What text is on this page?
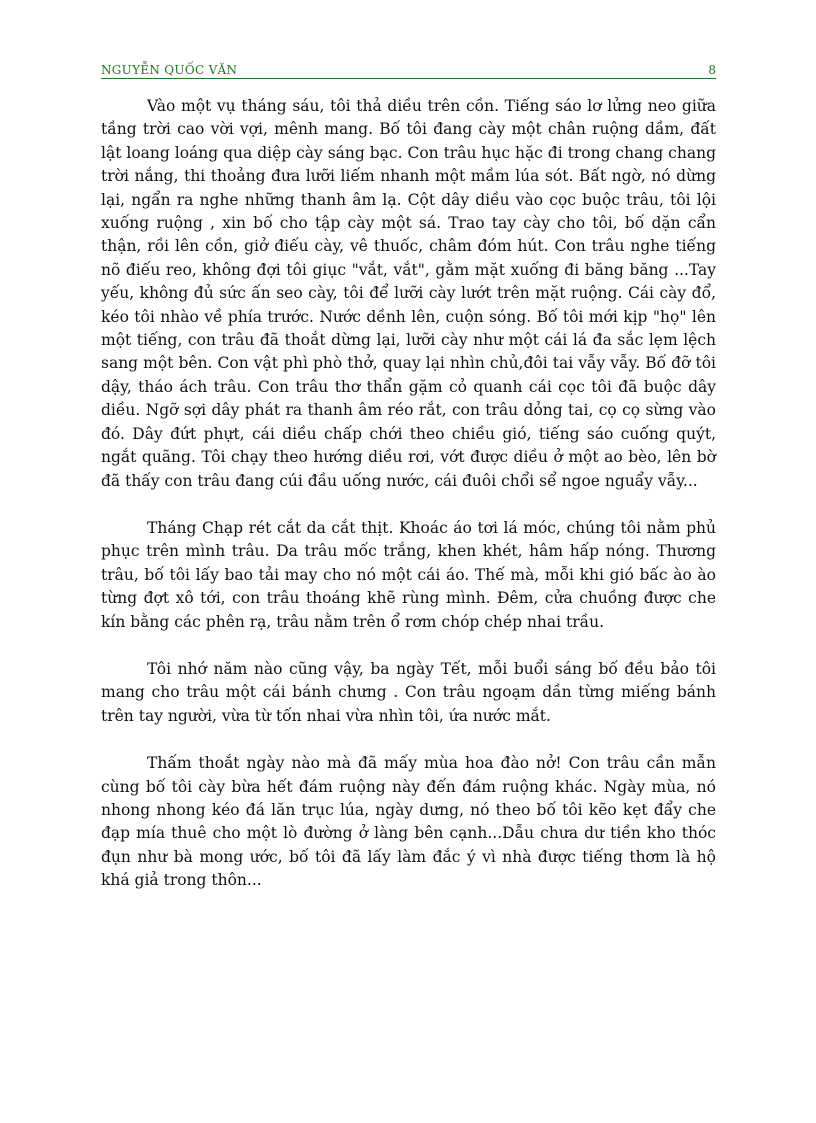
NGUYỄN QUỐC VĂN	8

Vào một vụ tháng sáu, tôi thả diều trên cồn. Tiếng sáo lơ lửng neo giữa tầng trời cao vời vợi, mênh mang. Bố tôi đang cày một chân ruộng dầm, đất lật loang loáng qua diệp cày sáng bạc. Con trâu hục hặc đi trong chang chang trời nắng, thi thoảng đưa lưỡi liếm nhanh một mầm lúa sót. Bất ngờ, nó dừng lại, ngẩn ra nghe những thanh âm lạ. Cột dây diều vào cọc buộc trâu, tôi lội xuống ruộng , xin bố cho tập cày một sá. Trao tay cày cho tôi, bố dặn cẩn thận, rồi lên cồn, giở điếu cày, vê thuốc, châm đóm hút. Con trâu nghe tiếng nõ điếu reo, không đợi tôi giục "vắt, vắt", gằm mặt xuống đi băng băng ...Tay yếu, không đủ sức ấn seo cày, tôi để lưỡi cày lướt trên mặt ruộng. Cái cày đổ, kéo tôi nhào về phía trước. Nước dềnh lên, cuộn sóng. Bố tôi mới kịp "họ" lên một tiếng, con trâu đã thoắt dừng lại, lưỡi cày như một cái lá đa sắc lẹm lệch sang một bên. Con vật phì phò thở, quay lại nhìn chủ,đôi tai vẫy vẫy. Bố đỡ tôi dậy, tháo ách trâu. Con trâu thơ thẩn gặm cỏ quanh cái cọc tôi đã buộc dây diều. Ngỡ sợi dây phát ra thanh âm réo rắt, con trâu dỏng tai, cọ cọ sừng vào đó. Dây đứt phựt, cái diều chấp chới theo chiều gió, tiếng sáo cuống quýt, ngắt quãng. Tôi chạy theo hướng diều rơi, vớt được diều ở một ao bèo, lên bờ đã thấy con trâu đang cúi đầu uống nước, cái đuôi chổi sể ngoe nguẩy vẫy...

Tháng Chạp rét cắt da cắt thịt. Khoác áo tơi lá móc, chúng tôi nằm phủ phục trên mình trâu. Da trâu mốc trắng, khen khét, hâm hấp nóng. Thương trâu, bố tôi lấy bao tải may cho nó một cái áo. Thế mà, mỗi khi gió bấc ào ào từng đợt xô tới, con trâu thoáng khẽ rùng mình. Đêm, cửa chuồng được che kín bằng các phên rạ, trâu nằm trên ổ rơm chóp chép nhai trầu.

Tôi nhớ năm nào cũng vậy, ba ngày Tết, mỗi buổi sáng bố đều bảo tôi mang cho trâu một cái bánh chưng . Con trâu ngoạm dần từng miếng bánh trên tay người, vừa từ tốn nhai vừa nhìn tôi, ứa nước mắt.

Thấm thoắt ngày nào mà đã mấy mùa hoa đào nở! Con trâu cần mẫn cùng bố tôi cày bừa hết đám ruộng này đến đám ruộng khác. Ngày mùa, nó nhong nhong kéo đá lăn trục lúa, ngày dưng, nó theo bố tôi kẽo kẹt đẩy che đạp mía thuê cho một lò đường ở làng bên cạnh...Dẫu chưa dư tiền kho thóc đụn như bà mong ước, bố tôi đã lấy làm đắc ý vì nhà được tiếng thơm là hộ khá giả trong thôn...
